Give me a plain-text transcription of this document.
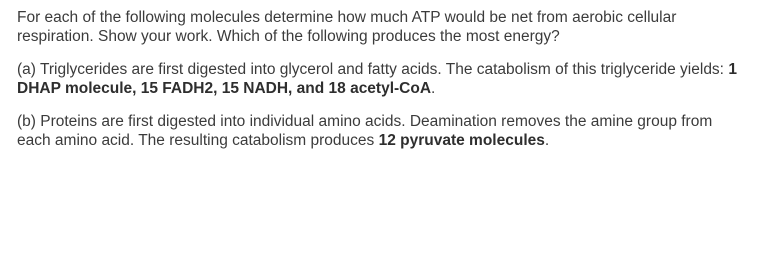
For each of the following molecules determine how much ATP would be net from aerobic cellular respiration. Show your work. Which of the following produces the most energy?

(a) Triglycerides are first digested into glycerol and fatty acids. The catabolism of this triglyceride yields: 1 DHAP molecule, 15 FADH2, 15 NADH, and 18 acetyl-CoA.

(b) Proteins are first digested into individual amino acids. Deamination removes the amine group from each amino acid. The resulting catabolism produces 12 pyruvate molecules.
